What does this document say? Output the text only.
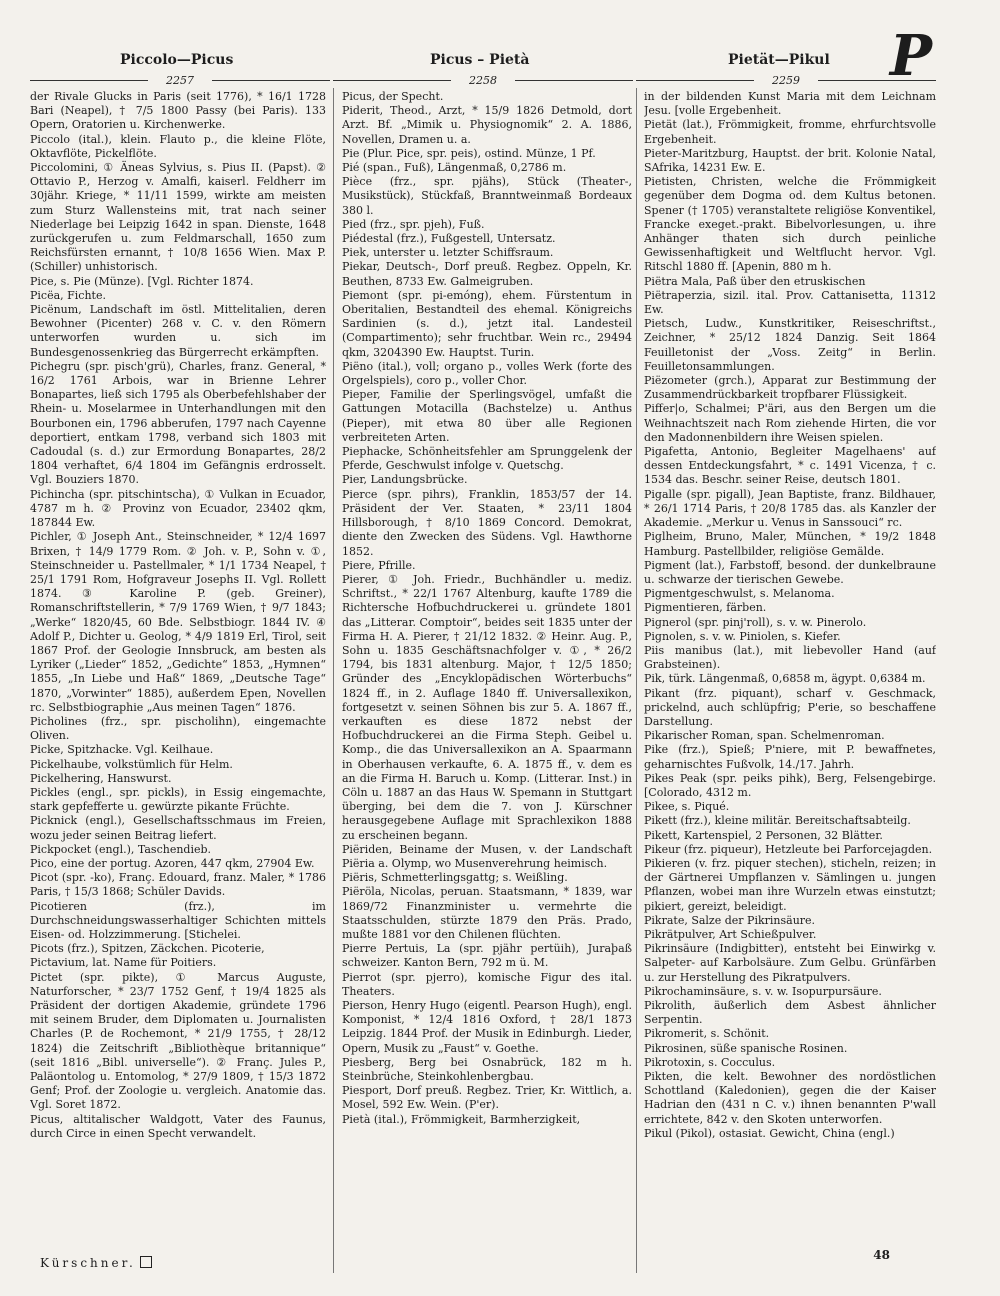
Piccolo—Picus	Picus – Pietà	Pietät—Pikul P
2257	2258	2259

der Rivale Glucks in Paris (seit 1776), * 16/1 1728 Bari (Neapel), † 7/5 1800 Passy (bei Paris). 133 Opern, Oratorien u. Kirchenwerke.

Piccolo (ital.), klein. Flauto p., die kleine Flöte, Oktavflöte, Pickelflöte.

Piccolomini, ① Äneas Sylvius, s. Pius II. (Papst). ② Ottavio P., Herzog v. Amalfi, kaiserl. Feldherr im 30jähr. Kriege, * 11/11 1599, wirkte am meisten zum Sturz Wallensteins mit, trat nach seiner Niederlage bei Leipzig 1642 in span. Dienste, 1648 zurückgerufen u. zum Feldmarschall, 1650 zum Reichsfürsten ernannt, † 10/8 1656 Wien. Max P. (Schiller) unhistorisch.

Pice, s. Pie (Münze). [Vgl. Richter 1874.

Picëa, Fichte.

Picënum, Landschaft im östl. Mittelitalien, deren Bewohner (Picenter) 268 v. C. v. den Römern unterworfen wurden u. sich im Bundesgenossenkrieg das Bürgerrecht erkämpften.

Pichegru (spr. pisch'grü), Charles, franz. General, * 16/2 1761 Arbois, war in Brienne Lehrer Bonapartes, ließ sich 1795 als Oberbefehlshaber der Rhein- u. Moselarmee in Unterhandlungen mit den Bourbonen ein, 1796 abberufen, 1797 nach Cayenne deportiert, entkam 1798, verband sich 1803 mit Cadoudal (s. d.) zur Ermordung Bonapartes, 28/2 1804 verhaftet, 6/4 1804 im Gefängnis erdrosselt. Vgl. Bouziers 1870.

Pichincha (spr. pitschintscha), ① Vulkan in Ecuador, 4787 m h. ② Provinz von Ecuador, 23402 qkm, 187844 Ew.

Pichler, ① Joseph Ant., Steinschneider, * 12/4 1697 Brixen, † 14/9 1779 Rom. ② Joh. v. P., Sohn v. ①, Steinschneider u. Pastellmaler, * 1/1 1734 Neapel, † 25/1 1791 Rom, Hofgraveur Josephs II. Vgl. Rollett 1874. ③ Karoline P. (geb. Greiner), Romanschriftstellerin, * 7/9 1769 Wien, † 9/7 1843; „Werke“ 1820/45, 60 Bde. Selbstbiogr. 1844 IV. ④ Adolf P., Dichter u. Geolog, * 4/9 1819 Erl, Tirol, seit 1867 Prof. der Geologie Innsbruck, am besten als Lyriker („Lieder“ 1852, „Gedichte“ 1853, „Hymnen“ 1855, „In Liebe und Haß“ 1869, „Deutsche Tage“ 1870, „Vorwinter“ 1885), außerdem Epen, Novellen rc. Selbstbiographie „Aus meinen Tagen“ 1876.

Picholines (frz., spr. pischolihn), eingemachte Oliven.

Picke, Spitzhacke. Vgl. Keilhaue.

Pickelhaube, volkstümlich für Helm.

Pickelhering, Hanswurst.

Pickles (engl., spr. pickls), in Essig eingemachte, stark gepfefferte u. gewürzte pikante Früchte.

Picknick (engl.), Gesellschaftsschmaus im Freien, wozu jeder seinen Beitrag liefert.

Pickpocket (engl.), Taschendieb.

Pico, eine der portug. Azoren, 447 qkm, 27904 Ew.

Picot (spr. -ko), Franç. Edouard, franz. Maler, * 1786 Paris, † 15/3 1868; Schüler Davids.

Picotieren (frz.), im Durchschneidungswasserhaltiger Schichten mittels Eisen- od. Holzzimmerung. [Stichelei.

Picots (frz.), Spitzen, Zäckchen. Picoterie,

Pictavium, lat. Name für Poitiers.

Pictet (spr. pikte), ① Marcus Auguste, Naturforscher, * 23/7 1752 Genf, † 19/4 1825 als Präsident der dortigen Akademie, gründete 1796 mit seinem Bruder, dem Diplomaten u. Journalisten Charles (P. de Rochemont, * 21/9 1755, † 28/12 1824) die Zeitschrift „Bibliothèque britannique“ (seit 1816 „Bibl. universelle“). ② Franç. Jules P., Paläontolog u. Entomolog, * 27/9 1809, † 15/3 1872 Genf; Prof. der Zoologie u. vergleich. Anatomie das. Vgl. Soret 1872.

Picus, altitalischer Waldgott, Vater des Faunus, durch Circe in einen Specht verwandelt.

Picus, der Specht.

Piderit, Theod., Arzt, * 15/9 1826 Detmold, dort Arzt. Bf. „Mimik u. Physiognomik“ 2. A. 1886, Novellen, Dramen u. a.

Pie (Plur. Pice, spr. peis), ostind. Münze, 1 Pf.

Pié (span., Fuß), Längenmaß, 0,2786 m.

Pièce (frz., spr. pjähs), Stück (Theater-, Musikstück), Stückfaß, Branntweinmaß Bordeaux 380 l.

Pied (frz., spr. pjeh), Fuß.

Piédestal (frz.), Fußgestell, Untersatz.

Piek, unterster u. letzter Schiffsraum.

Piekar, Deutsch-, Dorf preuß. Regbez. Oppeln, Kr. Beuthen, 8733 Ew. Galmeigruben.

Piemont (spr. pi-emóng), ehem. Fürstentum in Oberitalien, Bestandteil des ehemal. Königreichs Sardinien (s. d.), jetzt ital. Landesteil (Compartimento); sehr fruchtbar. Wein rc., 29494 qkm, 3204390 Ew. Hauptst. Turin.

Piëno (ital.), voll; organo p., volles Werk (forte des Orgelspiels), coro p., voller Chor.

Pieper, Familie der Sperlingsvögel, umfaßt die Gattungen Motacilla (Bachstelze) u. Anthus (Pieper), mit etwa 80 über alle Regionen verbreiteten Arten.

Piephacke, Schönheitsfehler am Sprunggelenk der Pferde, Geschwulst infolge v. Quetschg.

Pier, Landungsbrücke.

Pierce (spr. pihrs), Franklin, 1853/57 der 14. Präsident der Ver. Staaten, * 23/11 1804 Hillsborough, † 8/10 1869 Concord. Demokrat, diente den Zwecken des Südens. Vgl. Hawthorne 1852.

Piere, Pfrille.

Pierer, ① Joh. Friedr., Buchhändler u. mediz. Schriftst., * 22/1 1767 Altenburg, kaufte 1789 die Richtersche Hofbuchdruckerei u. gründete 1801 das „Litterar. Comptoir“, beides seit 1835 unter der Firma H. A. Pierer, † 21/12 1832. ② Heinr. Aug. P., Sohn u. 1835 Geschäftsnachfolger v. ①, * 26/2 1794, bis 1831 altenburg. Major, † 12/5 1850; Gründer des „Encyklopädischen Wörterbuchs“ 1824 ff., in 2. Auflage 1840 ff. Universallexikon, fortgesetzt v. seinen Söhnen bis zur 5. A. 1867 ff., verkauften es diese 1872 nebst der Hofbuchdruckerei an die Firma Steph. Geibel u. Komp., die das Universallexikon an A. Spaarmann in Oberhausen verkaufte, 6. A. 1875 ff., v. dem es an die Firma H. Baruch u. Komp. (Litterar. Inst.) in Cöln u. 1887 an das Haus W. Spemann in Stuttgart überging, bei dem die 7. von J. Kürschner herausgegebene Auflage mit Sprachlexikon 1888 zu erscheinen begann.

Piëriden, Beiname der Musen, v. der Landschaft Piëria a. Olymp, wo Musenverehrung heimisch.

Piëris, Schmetterlingsgattg; s. Weißling.

Piëröla, Nicolas, peruan. Staatsmann, * 1839, war 1869/72 Finanzminister u. vermehrte die Staatsschulden, stürzte 1879 den Präs. Prado, mußte 1881 vor den Chilenen flüchten.

Pierre Pertuis, La (spr. pjähr pertüih), Juraþaß schweizer. Kanton Bern, 792 m ü. M.

Pierrot (spr. pjerro), komische Figur des ital. Theaters.

Pierson, Henry Hugo (eigentl. Pearson Hugh), engl. Komponist, * 12/4 1816 Oxford, † 28/1 1873 Leipzig. 1844 Prof. der Musik in Edinburgh. Lieder, Opern, Musik zu „Faust“ v. Goethe.

Piesberg, Berg bei Osnabrück, 182 m h. Steinbrüche, Steinkohlenbergbau.

Piesport, Dorf preuß. Regbez. Trier, Kr. Wittlich, a. Mosel, 592 Ew. Wein. (P'er).

Pietà (ital.), Frömmigkeit, Barmherzigkeit,

in der bildenden Kunst Maria mit dem Leichnam Jesu. [volle Ergebenheit.

Pietät (lat.), Frömmigkeit, fromme, ehrfurchtsvolle Ergebenheit.

Pieter-Maritzburg, Hauptst. der brit. Kolonie Natal, SAfrika, 14231 Ew. E.

Pietisten, Christen, welche die Frömmigkeit gegenüber dem Dogma od. dem Kultus betonen. Spener († 1705) veranstaltete religiöse Konventikel, Francke exeget.-prakt. Bibelvorlesungen, u. ihre Anhänger thaten sich durch peinliche Gewissenhaftigkeit und Weltflucht hervor. Vgl. Ritschl 1880 ff. [Apenin, 880 m h.

Piëtra Mala, Paß über den etruskischen

Piëtraperzia, sizil. ital. Prov. Cattanisetta, 11312 Ew.

Pietsch, Ludw., Kunstkritiker, Reiseschriftst., Zeichner, * 25/12 1824 Danzig. Seit 1864 Feuilletonist der „Voss. Zeitg“ in Berlin. Feuilletonsammlungen.

Piëzometer (grch.), Apparat zur Bestimmung der Zusammendrückbarkeit tropfbarer Flüssigkeit.

Piffer|o, Schalmei; P'äri, aus den Bergen um die Weihnachtszeit nach Rom ziehende Hirten, die vor den Madonnenbildern ihre Weisen spielen.

Pigafetta, Antonio, Begleiter Magelhaens' auf dessen Entdeckungsfahrt, * c. 1491 Vicenza, † c. 1534 das. Beschr. seiner Reise, deutsch 1801.

Pigalle (spr. pigall), Jean Baptiste, franz. Bildhauer, * 26/1 1714 Paris, † 20/8 1785 das. als Kanzler der Akademie. „Merkur u. Venus in Sanssouci“ rc.

Piglheim, Bruno, Maler, München, * 19/2 1848 Hamburg. Pastellbilder, religiöse Gemälde.

Pigment (lat.), Farbstoff, besond. der dunkelbraune u. schwarze der tierischen Gewebe.

Pigmentgeschwulst, s. Melanoma.

Pigmentieren, färben.

Pignerol (spr. pinj'roll), s. v. w. Pinerolo.

Pignolen, s. v. w. Piniolen, s. Kiefer.

Piis manibus (lat.), mit liebevoller Hand (auf Grabsteinen).

Pik, türk. Längenmaß, 0,6858 m, ägypt. 0,6384 m.

Pikant (frz. piquant), scharf v. Geschmack, prickelnd, auch schlüpfrig; P'erie, so beschaffene Darstellung.

Pikarischer Roman, span. Schelmenroman.

Pike (frz.), Spieß; P'niere, mit P. bewaffnetes, geharnischtes Fußvolk, 14./17. Jahrh.

Pikes Peak (spr. peiks pihk), Berg, Felsengebirge. [Colorado, 4312 m.

Pikee, s. Piqué.

Pikett (frz.), kleine militär. Bereitschaftsabteilg.

Pikett, Kartenspiel, 2 Personen, 32 Blätter.

Pikeur (frz. piqueur), Hetzleute bei Parforcejagden.

Pikieren (v. frz. piquer stechen), sticheln, reizen; in der Gärtnerei Umpflanzen v. Sämlingen u. jungen Pflanzen, wobei man ihre Wurzeln etwas einstutzt; pikiert, gereizt, beleidigt.

Pikrate, Salze der Pikrinsäure.

Pikrätpulver, Art Schießpulver.

Pikrinsäure (Indigbitter), entsteht bei Einwirkg v. Salpeter- auf Karbolsäure. Zum Gelbu. Grünfärben u. zur Herstellung des Pikratpulvers.

Pikrochaminsäure, s. v. w. Isopurpursäure.

Pikrolith, äußerlich dem Asbest ähnlicher Serpentin.

Pikromerit, s. Schönit.

Pikrosinen, süße spanische Rosinen.

Pikrotoxin, s. Cocculus.

Pikten, die kelt. Bewohner des nordöstlichen Schottland (Kaledonien), gegen die der Kaiser Hadrian den (431 n C. v.) ihnen benannten P'wall errichtete, 842 v. den Skoten unterworfen.

Pikul (Pikol), ostasiat. Gewicht, China (engl.)

Kürschner.
48
